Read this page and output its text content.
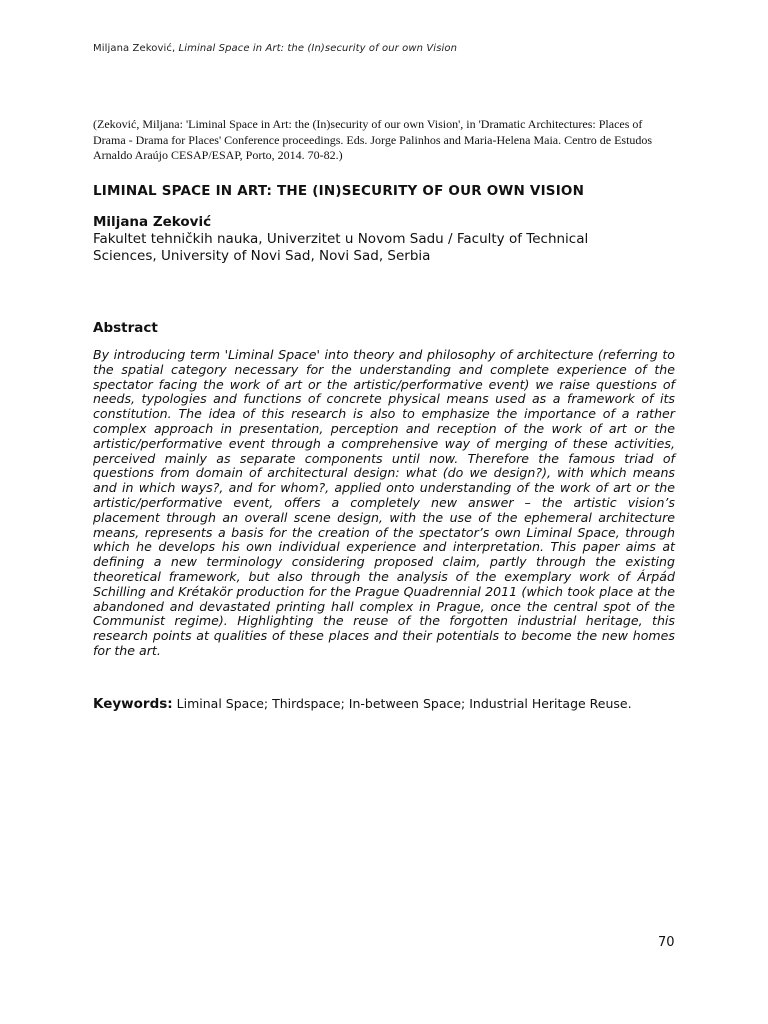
Miljana Zeković, Liminal Space in Art: the (In)security of our own Vision
(Zeković, Miljana: 'Liminal Space in Art: the (In)security of our own Vision', in 'Dramatic Architectures: Places of Drama - Drama for Places' Conference proceedings. Eds. Jorge Palinhos and Maria-Helena Maia. Centro de Estudos Arnaldo Araújo CESAP/ESAP, Porto, 2014. 70-82.)
LIMINAL SPACE IN ART: THE (IN)SECURITY OF OUR OWN VISION
Miljana Zeković
Fakultet tehničkih nauka, Univerzitet u Novom Sadu / Faculty of Technical Sciences, University of Novi Sad, Novi Sad, Serbia
Abstract
By introducing term 'Liminal Space' into theory and philosophy of architecture (referring to the spatial category necessary for the understanding and complete experience of the spectator facing the work of art or the artistic/performative event) we raise questions of needs, typologies and functions of concrete physical means used as a framework of its constitution. The idea of this research is also to emphasize the importance of a rather complex approach in presentation, perception and reception of the work of art or the artistic/performative event through a comprehensive way of merging of these activities, perceived mainly as separate components until now. Therefore the famous triad of questions from domain of architectural design: what (do we design?), with which means and in which ways?, and for whom?, applied onto understanding of the work of art or the artistic/performative event, offers a completely new answer – the artistic vision’s placement through an overall scene design, with the use of the ephemeral architecture means, represents a basis for the creation of the spectator’s own Liminal Space, through which he develops his own individual experience and interpretation. This paper aims at defining a new terminology considering proposed claim, partly through the existing theoretical framework, but also through the analysis of the exemplary work of Árpád Schilling and Krétakör production for the Prague Quadrennial 2011 (which took place at the abandoned and devastated printing hall complex in Prague, once the central spot of the Communist regime). Highlighting the reuse of the forgotten industrial heritage, this research points at qualities of these places and their potentials to become the new homes for the art.
Keywords: Liminal Space; Thirdspace; In-between Space; Industrial Heritage Reuse.
70
